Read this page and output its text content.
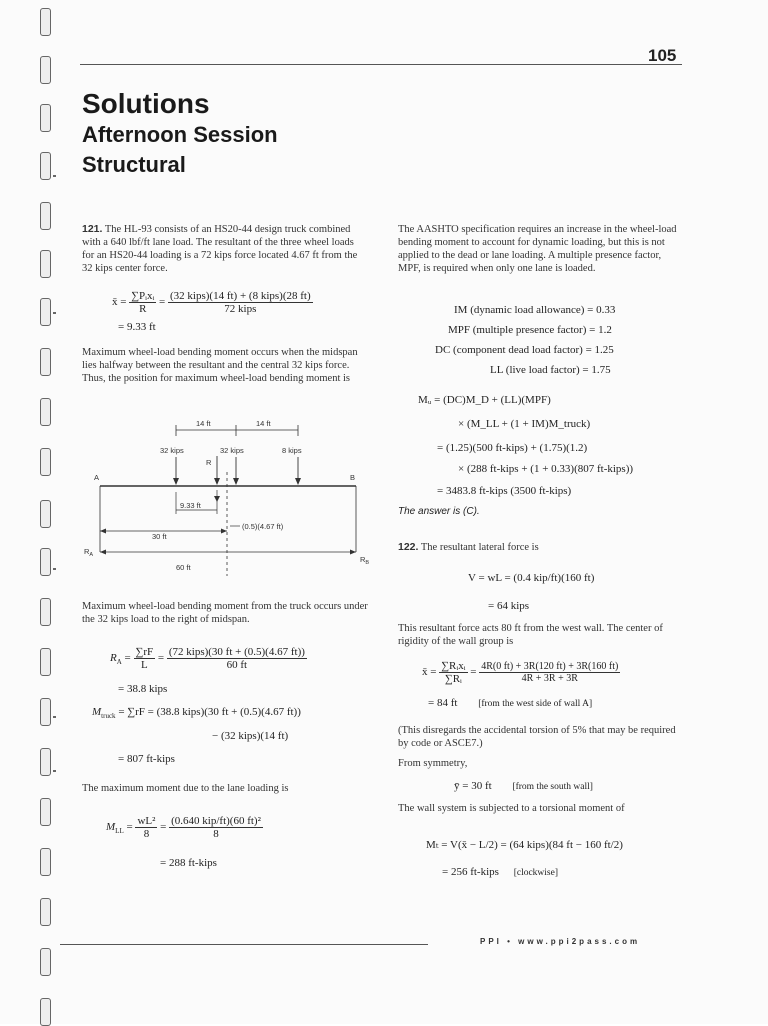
105
Solutions
Afternoon Session
Structural
121. The HL-93 consists of an HS20-44 design truck combined with a 640 lbf/ft lane load. The resultant of the three wheel loads for an HS20-44 loading is a 72 kips force located 4.67 ft from the 32 kips center force.
x̄ = $\frac{\text{∑Pᵢxᵢ}}{R} = \frac{\text{(32 kips)(14 ft) + (8 kips)(28 ft)}}{\text{72 kips}}$
= 9.33 ft
Maximum wheel-load bending moment occurs when the midspan lies halfway between the resultant and the central 32 kips force. Thus, the position for maximum wheel-load bending moment is
14 ft	14 ft
32 kips	32 kips	8 kips
R
A	B
9.33 ft
(0.5)(4.67 ft)
30 ft
$R_A$	$R_B$
60 ft
Maximum wheel-load bending moment from the truck occurs under the 32 kips load to the right of midspan.
$R_A = \frac{\sum rF}{L} = \frac{\text{(72 kips)(30 ft + (0.5)(4.67 ft))}}{60 ft}$
= 38.8 kips
$M_{truck} = \sum rF = (38.8$ kips)(30 ft + (0.5)(4.67 ft))
− (32 kips)(14 ft)
= 807 ft-kips
The maximum moment due to the lane loading is
$M_{LL} = \frac{\text{wL²}}{8} = \frac{\text{(0.640 kip/ft)(60 ft)²}}{8}$
= 288 ft-kips
The AASHTO specification requires an increase in the wheel-load bending moment to account for dynamic loading, but this is not applied to the dead or lane loading. A multiple presence factor, MPF, is required when only one lane is loaded.
IM (dynamic load allowance) = 0.33
MPF (multiple presence factor) = 1.2
DC (component dead load factor) = 1.25
LL (live load factor) = 1.75
Mᵤ = (DC)M_D + (LL)(MPF)
× (M_LL + (1 + IM)M_truck)
= (1.25)(500 ft-kips) + (1.75)(1.2)
× (288 ft-kips + (1 + 0.33)(807 ft-kips))
= 3483.8 ft-kips (3500 ft-kips)
The answer is (C).
122. The resultant lateral force is
V = wL = (0.4 kip/ft)(160 ft)
= 64 kips
This resultant force acts 80 ft from the west wall. The center of rigidity of the wall group is
x̄ = $\frac{\text{∑Rᵢxᵢ}}{\text{∑Rᵢ}} = \frac{4R(0 ft) + 3R(120 ft) + 3R(160 ft)}{4R + 3R + 3R}$
= 84 ft [from the west side of wall A]
(This disregards the accidental torsion of 5% that may be required by code or ASCE7.)
From symmetry,
ȳ = 30 ft [from the south wall]
The wall system is subjected to a torsional moment of
Mₜ = V(x̄ − L/2) = (64 kips)(84 ft − 160 ft/2)
= 256 ft-kips [clockwise]
PPI • www.ppi2pass.com
